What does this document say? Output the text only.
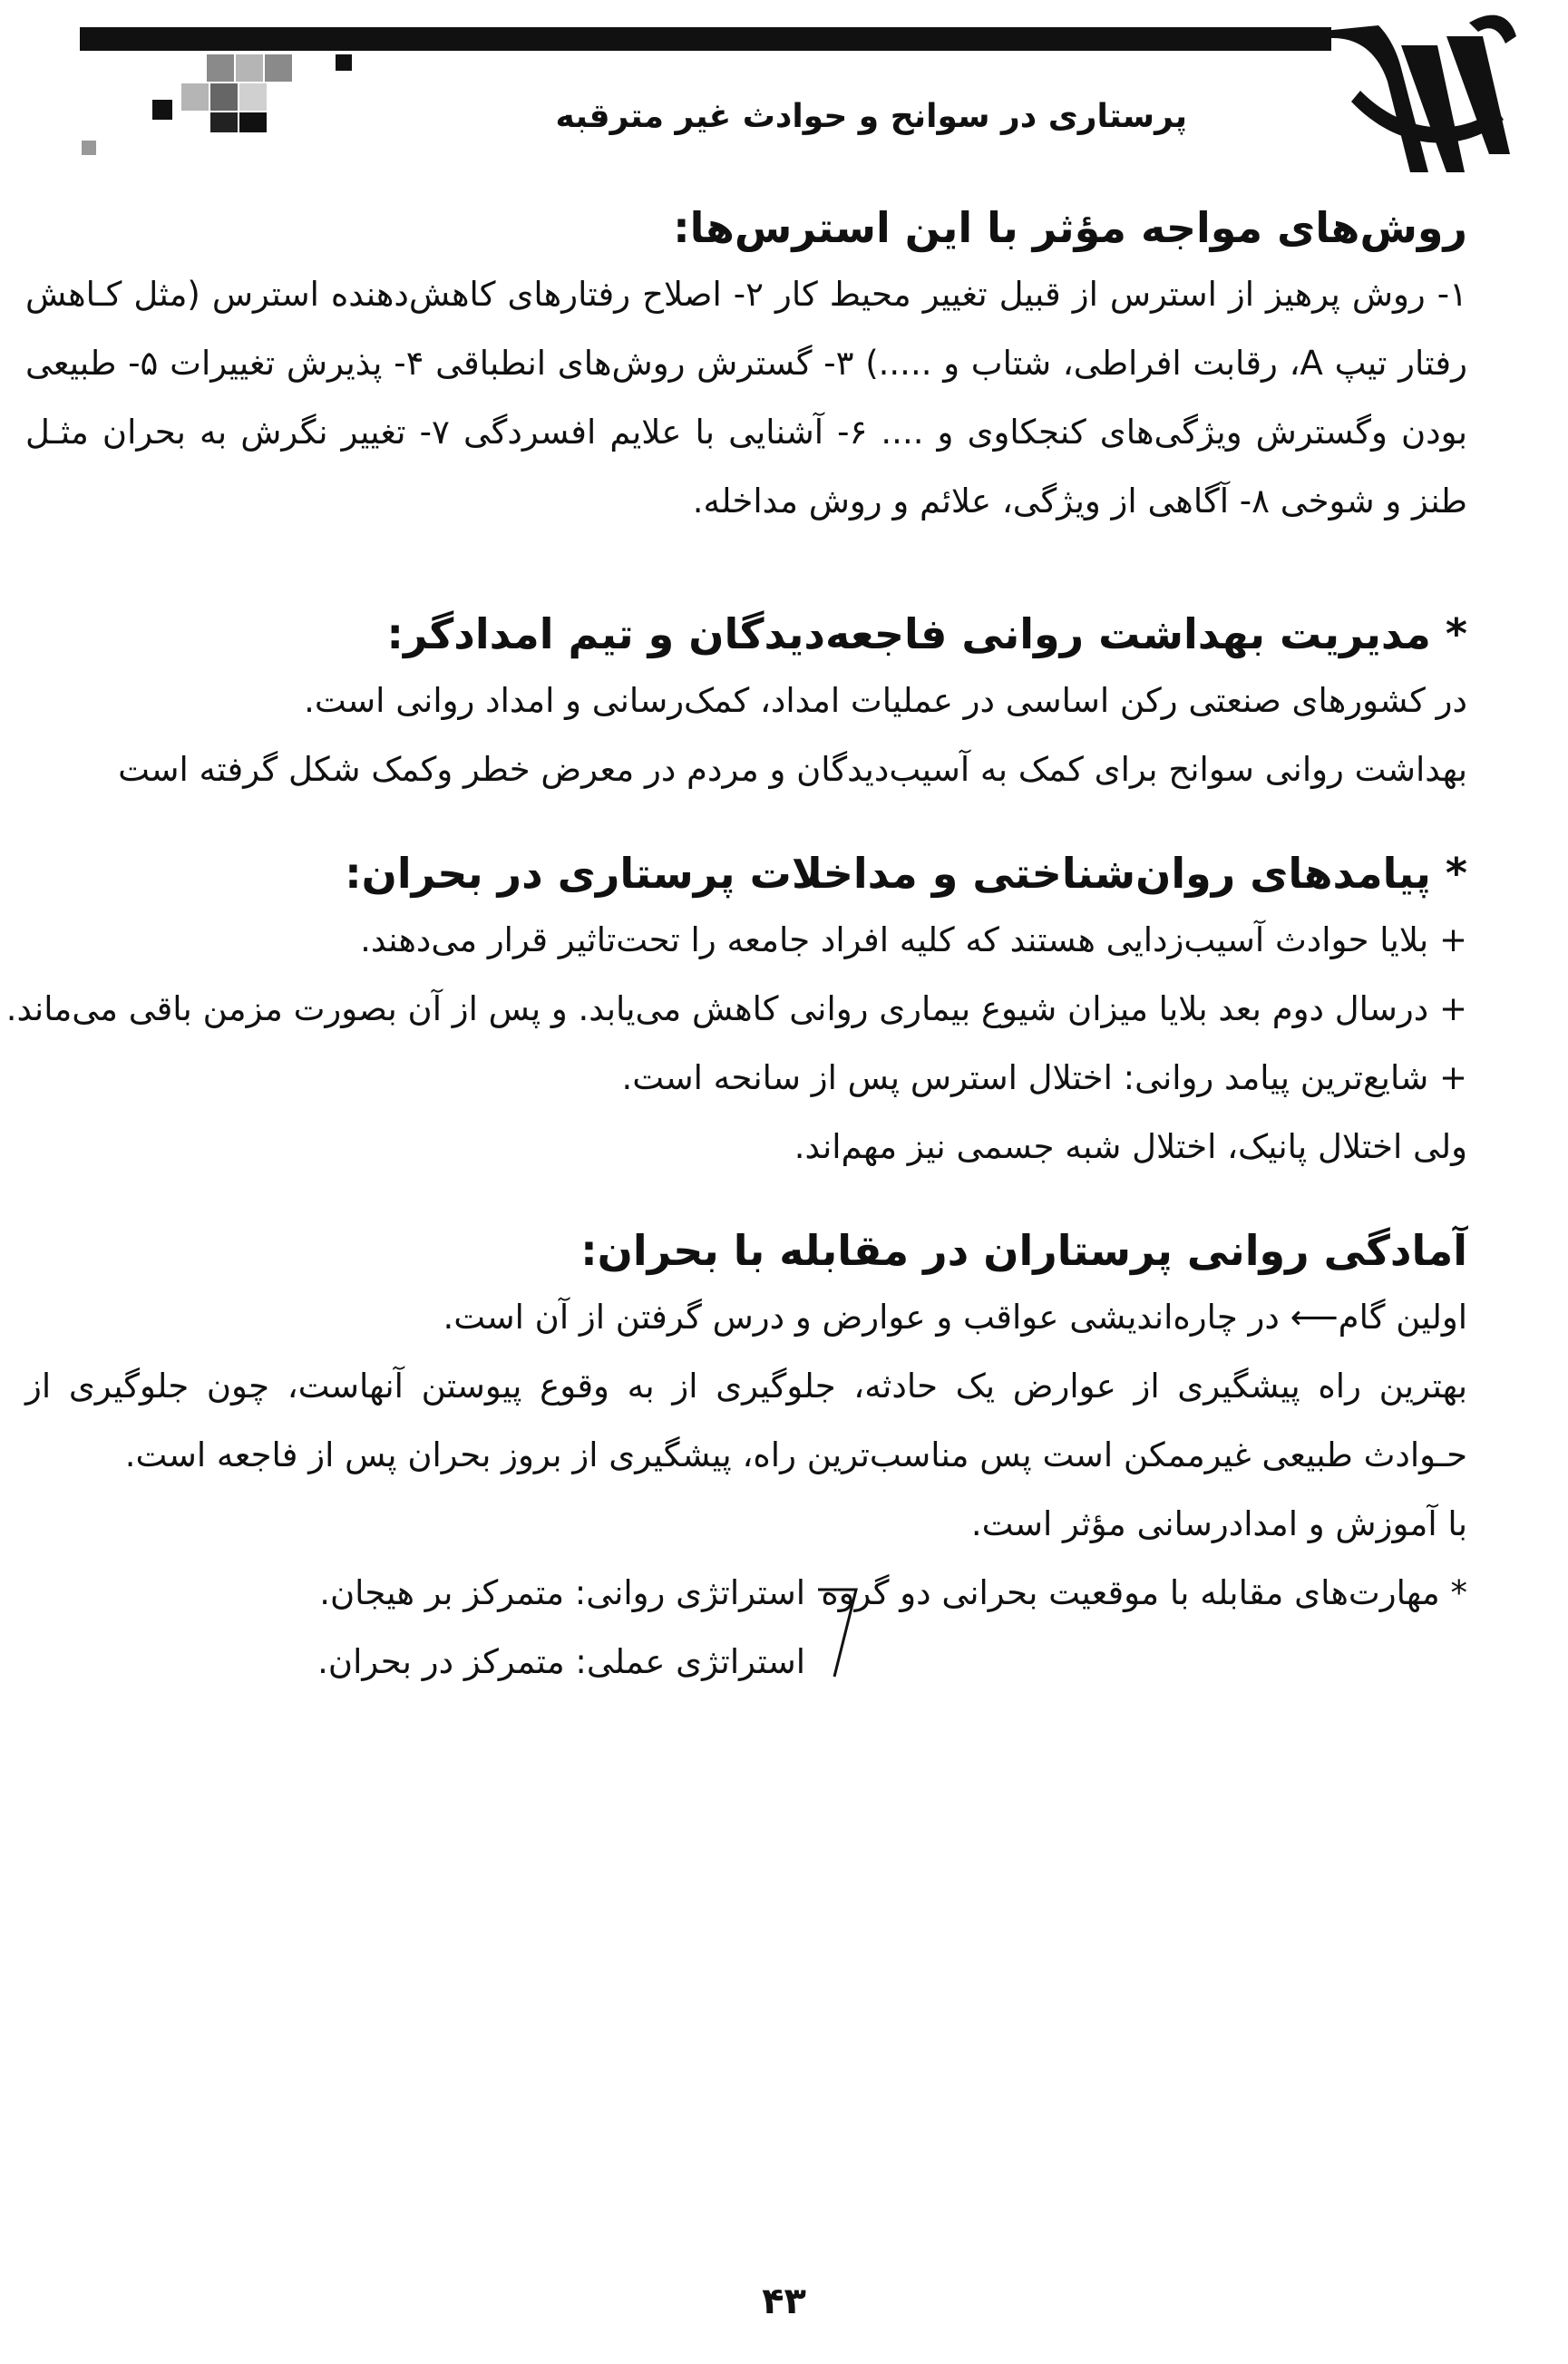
پرستاری در سوانح و حوادث غیر مترقبه

روش‌های مواجه مؤثر با این استرس‌ها:

۱- روش پرهیز از استرس از قبیل تغییر محیط کار ۲- اصلاح رفتارهای کاهش‌دهنده استرس (مثل کـاهش رفتار تیپ A، رقابت افراطی، شتاب و .....) ۳- گسترش روش‌های انطباقی ۴- پذیرش تغییرات ۵- طبیعی بودن وگسترش ویژگی‌های کنجکاوی و .... ۶- آشنایی با علایم افسردگی ۷- تغییر نگرش به بحران مثـل طنز و شوخی ۸- آگاهی از ویژگی، علائم و روش مداخله.

* مدیریت بهداشت روانی فاجعه‌دیدگان و تیم امدادگر:

در کشورهای صنعتی رکن اساسی در عملیات امداد، کمک‌رسانی و امداد روانی است.

بهداشت روانی سوانح برای کمک به آسیب‌دیدگان و مردم در معرض خطر وکمک شکل گرفته است

* پیامدهای روان‌شناختی و مداخلات پرستاری در بحران:

+ بلایا حوادث آسیب‌زدایی هستند که کلیه افراد جامعه را تحت‌تاثیر قرار می‌دهند.

+ درسال دوم بعد بلایا میزان شیوع بیماری روانی کاهش می‌یابد. و پس از آن بصورت مزمن باقی می‌ماند.

+ شایع‌ترین پیامد روانی: اختلال استرس پس از سانحه است.

ولی اختلال پانیک، اختلال شبه جسمی نیز مهم‌اند.

آمادگی روانی پرستاران در مقابله با بحران:

اولین گام⟵ در چاره‌اندیشی عواقب و عوارض و درس گرفتن از آن است.

بهترین راه پیشگیری از عوارض یک حادثه، جلوگیری از به وقوع پیوستن آنهاست، چون جلوگیری از حـوادث طبیعی غیرممکن است پس مناسب‌ترین راه، پیشگیری از بروز بحران پس از فاجعه است.

با آموزش و امدادرسانی مؤثر است.

* مهارت‌های مقابله با موقعیت بحرانی دو گروه
استراتژی روانی: متمرکز بر هیجان.
استراتژی عملی: متمرکز در بحران.
۴۳
